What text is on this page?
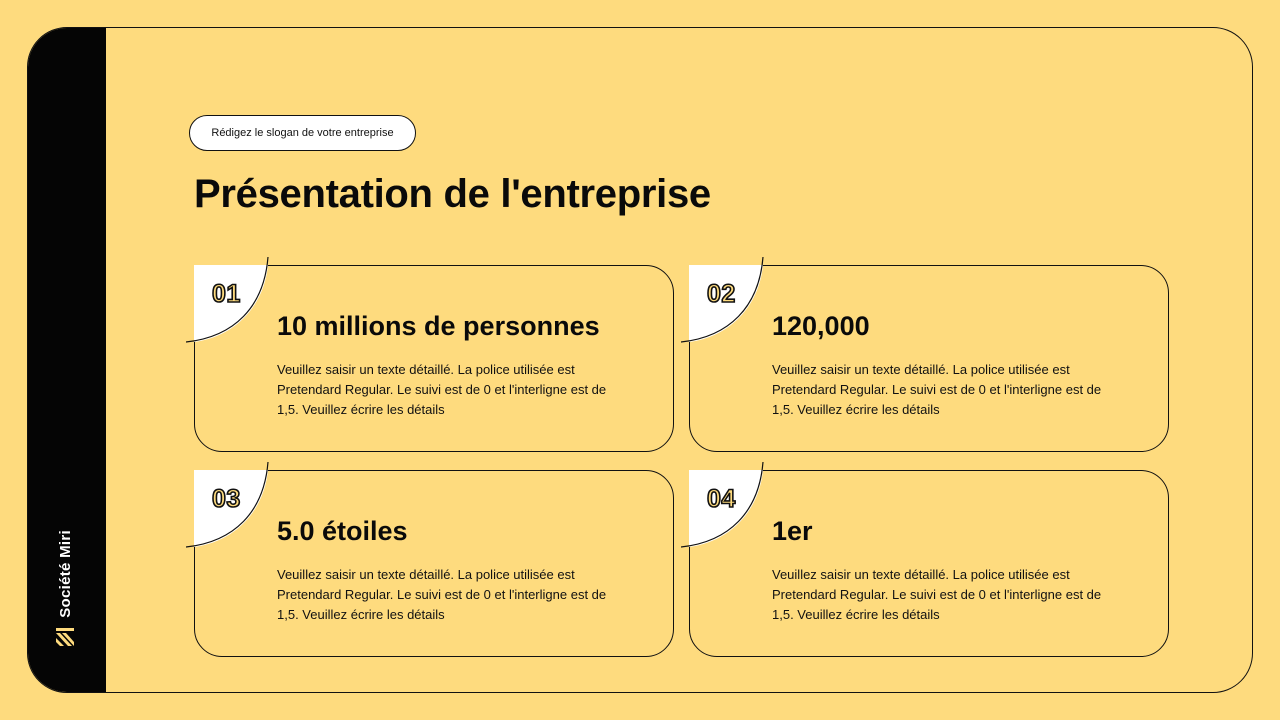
Société Miri
Rédigez le slogan de votre entreprise
Présentation de l'entreprise
01
10 millions de personnes

Veuillez saisir un texte détaillé. La police utilisée est Pretendard Regular. Le suivi est de 0 et l'interligne est de 1,5. Veuillez écrire les détails

02
120,000

Veuillez saisir un texte détaillé. La police utilisée est Pretendard Regular. Le suivi est de 0 et l'interligne est de 1,5. Veuillez écrire les détails

03
5.0 étoiles

Veuillez saisir un texte détaillé. La police utilisée est Pretendard Regular. Le suivi est de 0 et l'interligne est de 1,5. Veuillez écrire les détails

04
1er

Veuillez saisir un texte détaillé. La police utilisée est Pretendard Regular. Le suivi est de 0 et l'interligne est de 1,5. Veuillez écrire les détails
